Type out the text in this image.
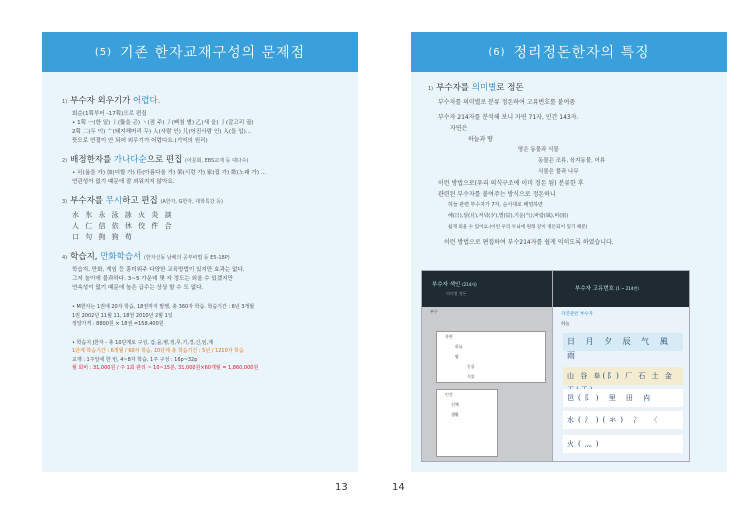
(5) 기존 한자교재구성의 문제점
1) 부수자 외우기가 어렵다.
회순(1획부터 -17획)으로 편집
• 1획 一(한 일) 丨(뚫을 곤) 丶(점 주) 丿(삐침 별) 乙(새 을) 亅(갈고리 궐)
2획 二(두 이) 亠(돼지해머리 두) 人(사람 인) 儿(어진사람 인) 入(들 입)...
뜻으로 연결이 안 되어 외우기가 어렵다요.(기억의 원리)
2) 배정한자를 가나다순으로 편집 (어문회, EBS교재 등 대다수)
• 可(옳을 가) 加(더할 가) 佳(아름다울 가) 架(시렁 가) 家(집 가) 歌(노래 가) ...
연관성이 없기 때문에 잘 외워지지 않아요.
3) 부수자를 무시하고 편집 (A한자, G한자, 대학특강 등)
水 氷 永 泳 詠 火 炎 談
人 仁 信 依 休 佼 件 合
口 句 拘 狗 苟
4) 학습지, 만화학습서 (한자신동 남베의 공부비법 등 E5-18P)
학습지, 만화, 게임 등 흥미위주 다양한 교육방법이 있지만 효과는 없다.
그저 놀이에 불과하다. 3~5 가운데 몇 자 정도는 외울 수 있겠지만
연속성이 없기 때문에 높은 급수는 상상 할 수 도 없다.
• M한자는 1권에 20자 학습, 18권까지 발행, 총 360자 학습. 학습기간 : 6년 3개월
1권 2002년 11월 11, 18권 2010년 2월 1일
정양가격 : 8800원 × 18권 =158,400원
• 학습지 J한자 - 총 10단계로 구성, 갑,을,병,정,무,기,경,신,임,계
1단계 학습기간 : 6개월 / 60자 학습, 10단계 총 학습기간 : 5년 / 1210자 학습
교재 : 1주일에 한 번, 4~8자 학습, 1주 구성 : 16p~32p
월 회비 : 31,000원 / 주 1회 관리 ~ 10~15분, 31,000원×60개월 = 1,860,000원
13
(6) 정리정돈한자의 특징
1) 부수자를 의미별로 정돈
부수자를 의미별로 분류 정돈하여 고유번호를 붙여줌
부수자 214자를 분석해 보니 자연 71자, 인간 143자.
자연은
하늘과 땅
땅은 동물과 식물
동물은 조류, 육지동물, 어류
식물은 풀과 나무
이런 방법으로(우리 의식구조에 이미 정돈 됨) 분류한 후
관련된 부수자를 붙여주는 방식으로 정돈하니
하늘 관련 부수자가 7자, 순서대로 배열하면
해(日),달(月),저녁(夕),별(辰),기운(气),바람(風),비(雨)
쉽게 외울 수 있어요.(이런 우리 두뇌에 원래 같이 정돈되어 있기 때문)
이런 방법으로 편집하여 부수214자를 쉽게 익히도록 하였습니다.
부수자 색인 (214자)
의미별 정돈
부수
자연
하늘
땅
동물
식물
인간
신체
생활
부수자 고유번호 (1 ~ 214번)
자연관련 부수자
하늘
日 月 夕 辰 气 風 雨
山 谷 阜(阝) 厂 石 土 金
邑(阝) 里 田 禸
水(氵)(氺) 冫 〈
火(灬)
14
